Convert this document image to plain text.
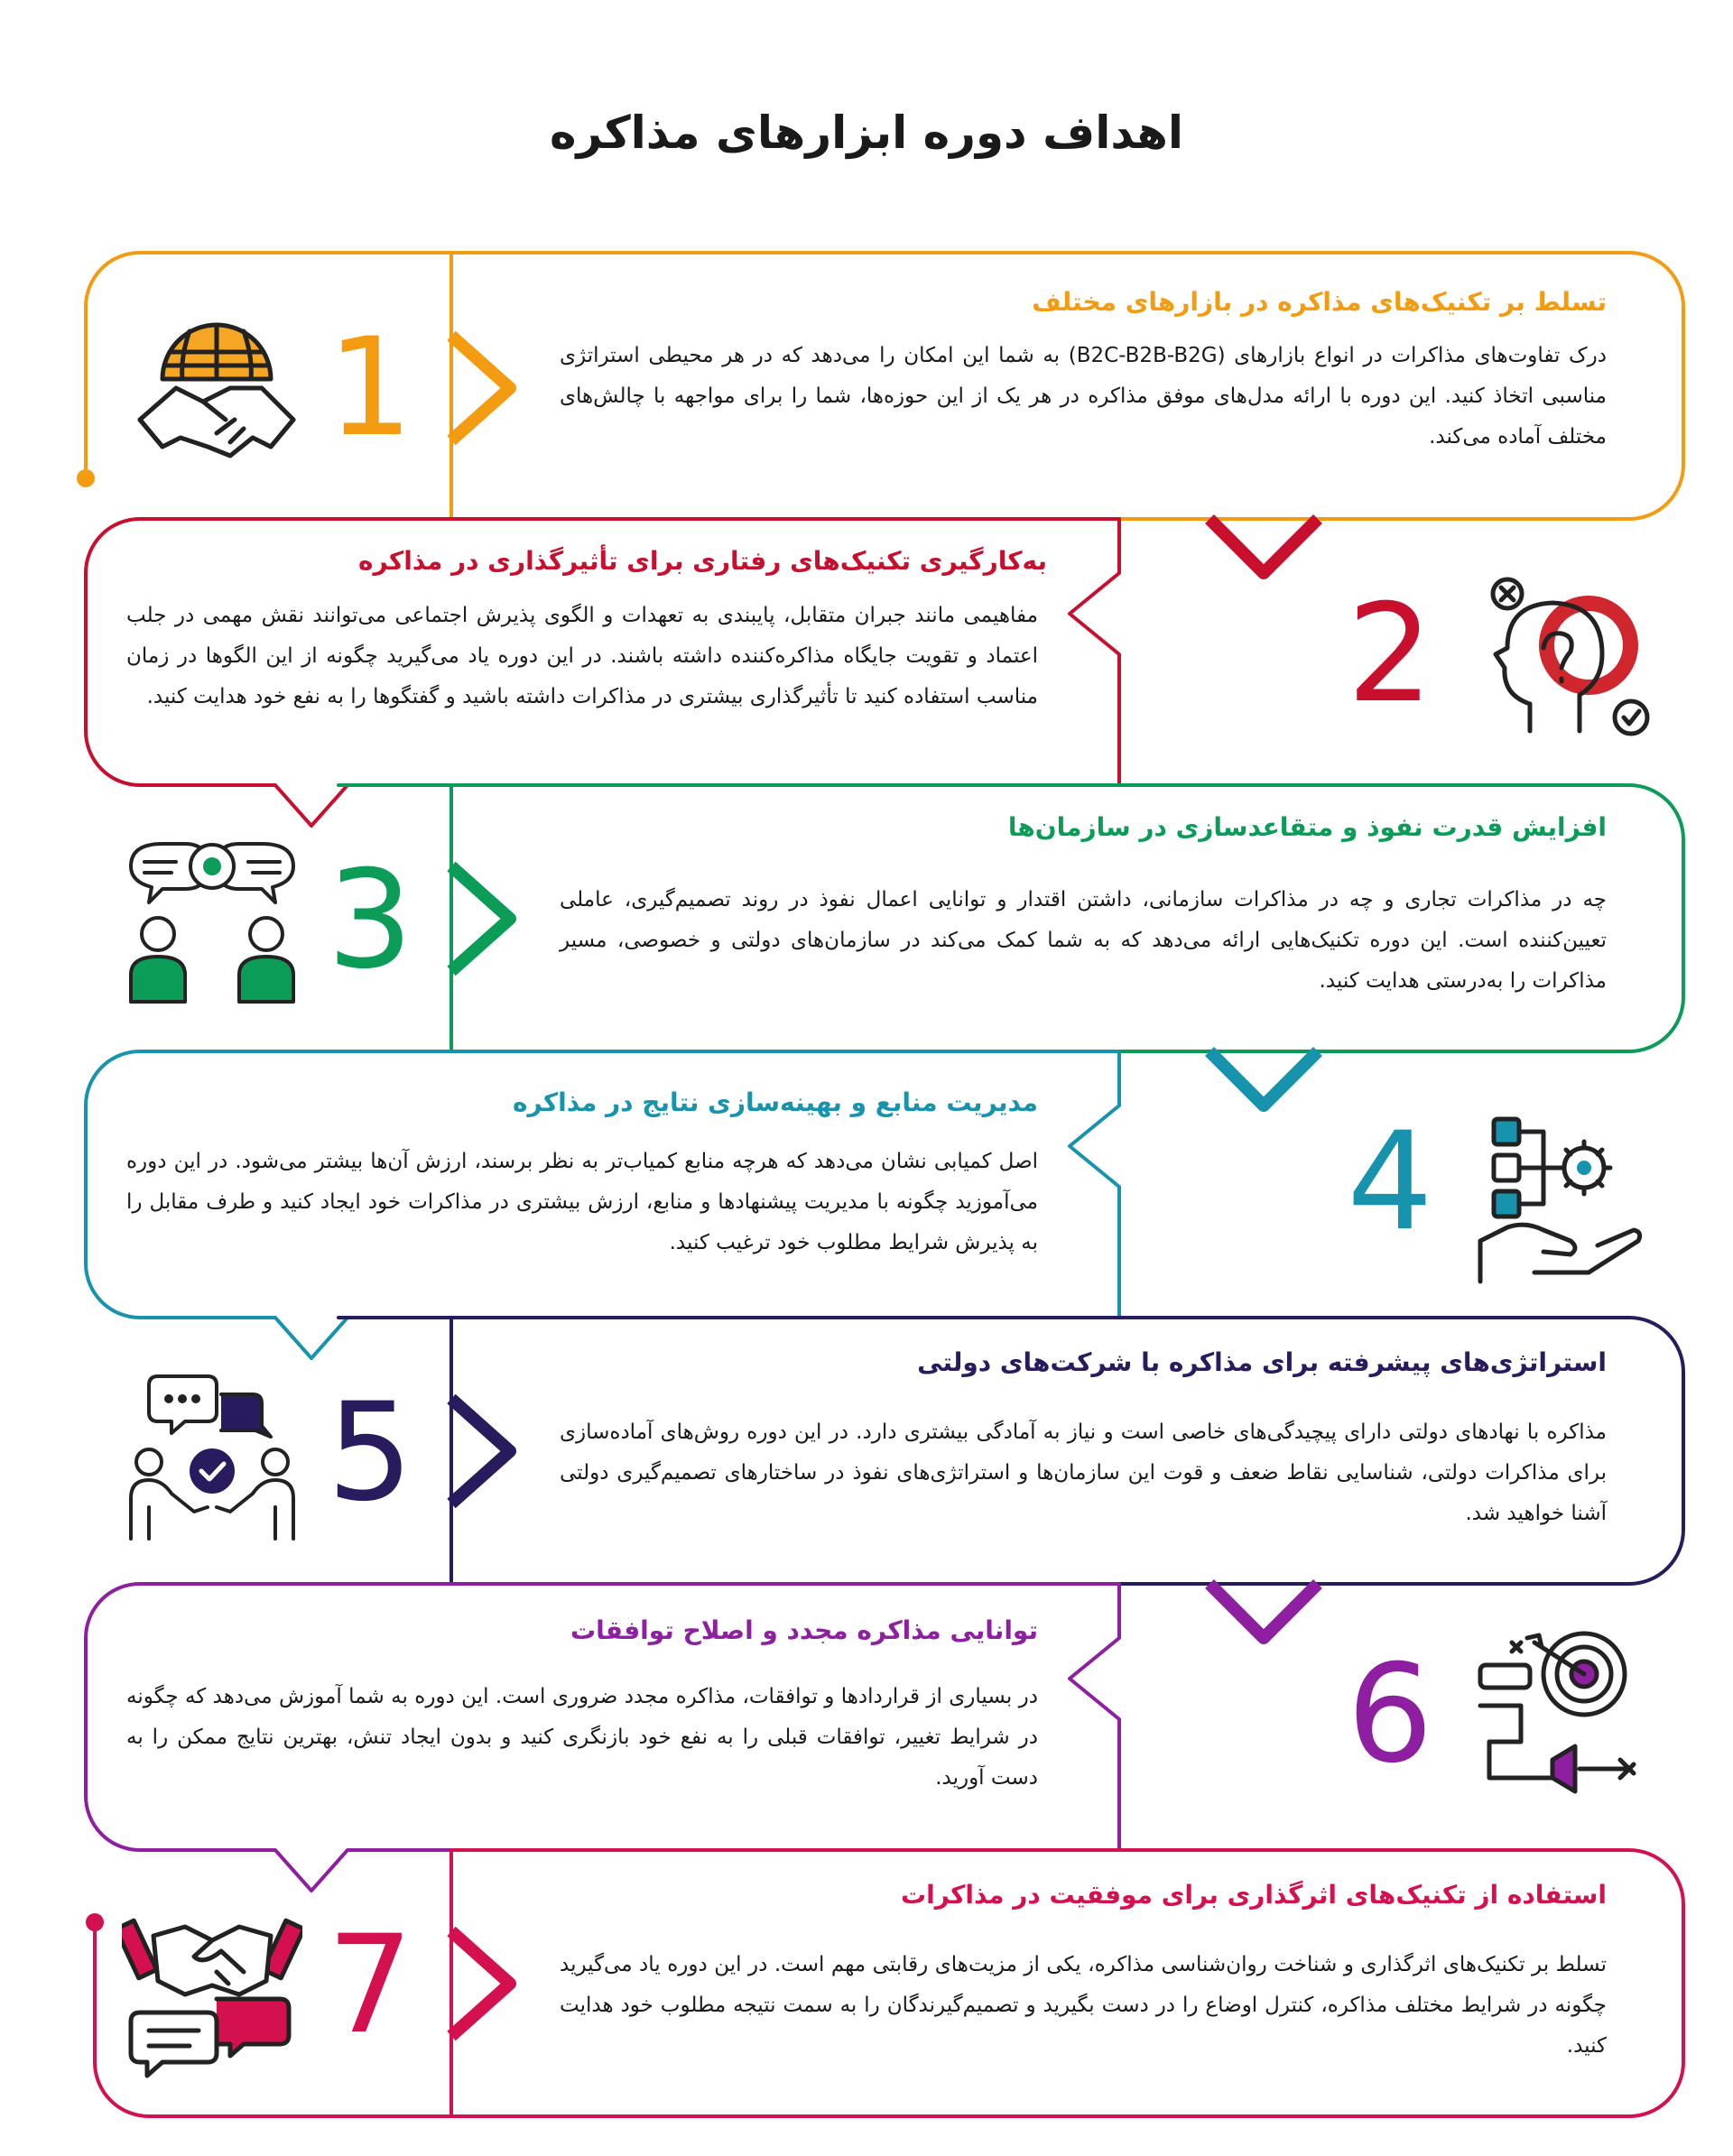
اهداف دوره ابزارهای مذاکره
تسلط بر تکنیک‌های مذاکره در بازارهای مختلف

درک تفاوت‌های مذاکرات در انواع بازارهای (B2C-B2B-B2G) به شما این امکان را می‌دهد که در هر محیطی استراتژی مناسبی اتخاذ کنید. این دوره با ارائه مدل‌های موفق مذاکره در هر یک از این حوزه‌ها، شما را برای مواجهه با چالش‌های مختلف آماده می‌کند.

1
به‌کارگیری تکنیک‌های رفتاری برای تأثیرگذاری در مذاکره

مفاهیمی مانند جبران متقابل، پایبندی به تعهدات و الگوی پذیرش اجتماعی می‌توانند نقش مهمی در جلب اعتماد و تقویت جایگاه مذاکره‌کننده داشته باشند. در این دوره یاد می‌گیرید چگونه از این الگوها در زمان مناسب استفاده کنید تا تأثیرگذاری بیشتری در مذاکرات داشته باشید و گفتگوها را به نفع خود هدایت کنید. 2
افزایش قدرت نفوذ و متقاعدسازی در سازمان‌ها

چه در مذاکرات تجاری و چه در مذاکرات سازمانی، داشتن اقتدار و توانایی اعمال نفوذ در روند تصمیم‌گیری، عاملی تعیین‌کننده است. این دوره تکنیک‌هایی ارائه می‌دهد که به شما کمک می‌کند در سازمان‌های دولتی و خصوصی، مسیر مذاکرات را به‌درستی هدایت کنید.

3
مدیریت منابع و بهینه‌سازی نتایج در مذاکره

اصل کمیابی نشان می‌دهد که هرچه منابع کمیاب‌تر به نظر برسند، ارزش آن‌ها بیشتر می‌شود. در این دوره می‌آموزید چگونه با مدیریت پیشنهادها و منابع، ارزش بیشتری در مذاکرات خود ایجاد کنید و طرف مقابل را به پذیرش شرایط مطلوب خود ترغیب کنید. 4
استراتژی‌های پیشرفته برای مذاکره با شرکت‌های دولتی

مذاکره با نهادهای دولتی دارای پیچیدگی‌های خاصی است و نیاز به آمادگی بیشتری دارد. در این دوره روش‌های آماده‌سازی برای مذاکرات دولتی، شناسایی نقاط ضعف و قوت این سازمان‌ها و استراتژی‌های نفوذ در ساختارهای تصمیم‌گیری دولتی آشنا خواهید شد.

5
توانایی مذاکره مجدد و اصلاح توافقات

در بسیاری از قراردادها و توافقات، مذاکره مجدد ضروری است. این دوره به شما آموزش می‌دهد که چگونه در شرایط تغییر، توافقات قبلی را به نفع خود بازنگری کنید و بدون ایجاد تنش، بهترین نتایج ممکن را به دست آورید. 6
استفاده از تکنیک‌های اثرگذاری برای موفقیت در مذاکرات

تسلط بر تکنیک‌های اثرگذاری و شناخت روان‌شناسی مذاکره، یکی از مزیت‌های رقابتی مهم است. در این دوره یاد می‌گیرید چگونه در شرایط مختلف مذاکره، کنترل اوضاع را در دست بگیرید و تصمیم‌گیرندگان را به سمت نتیجه مطلوب خود هدایت کنید.

7
